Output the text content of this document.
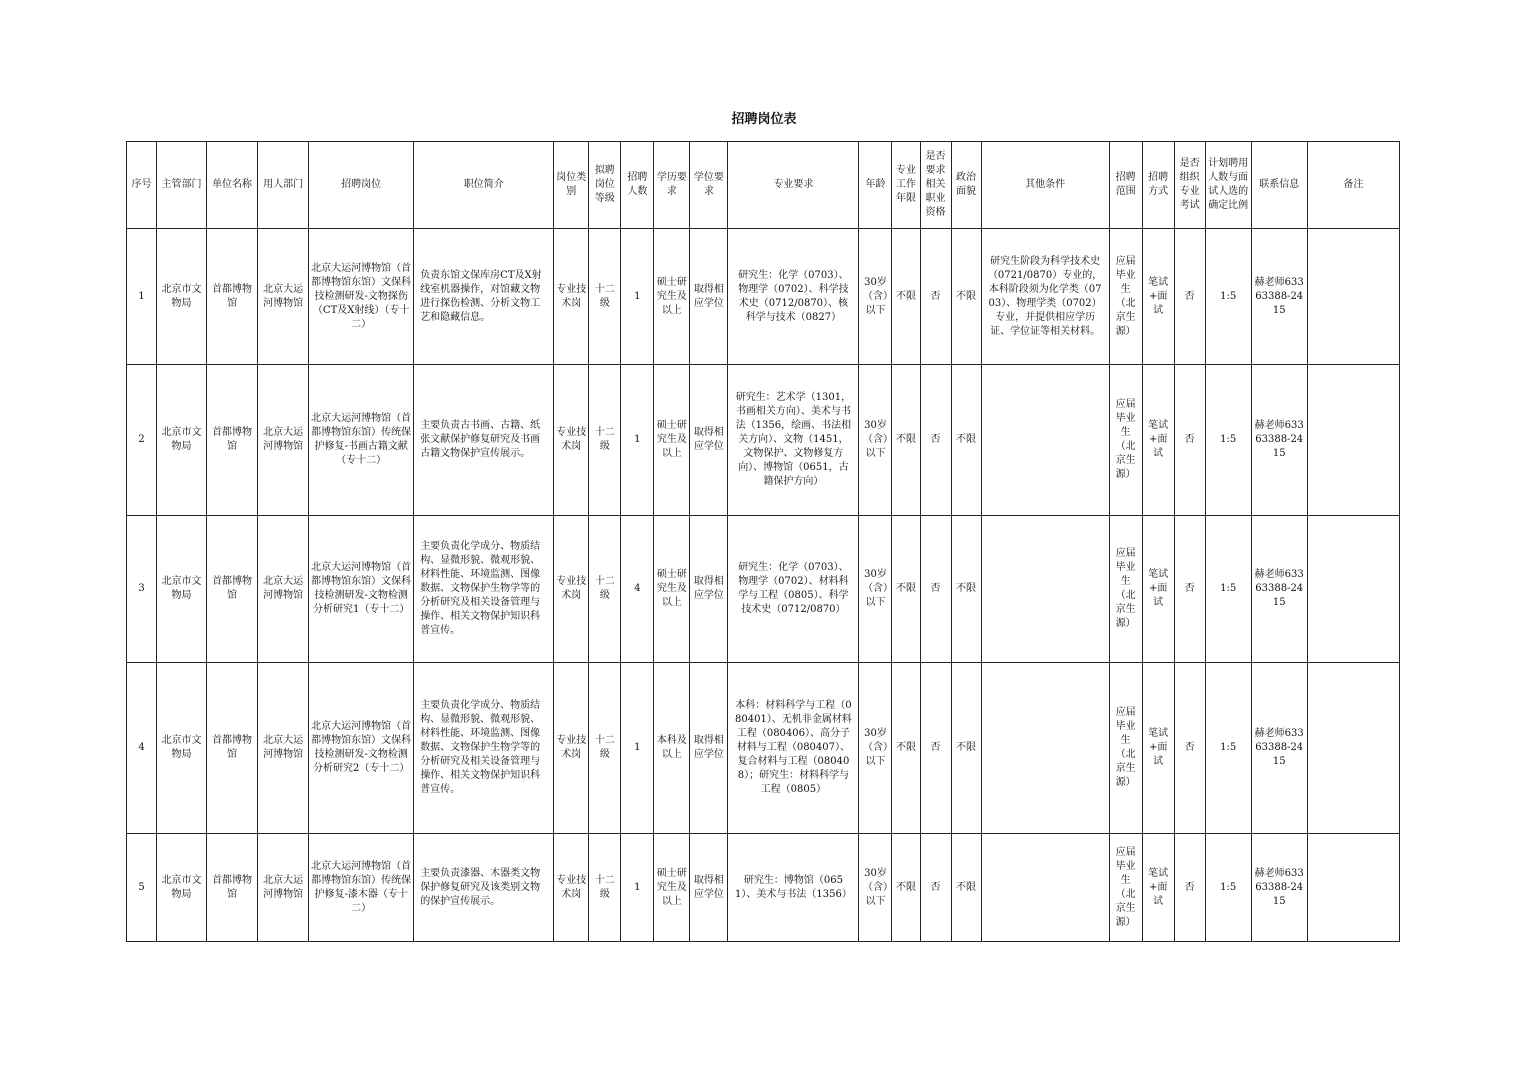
招聘岗位表
序号	主管部门	单位名称	用人部门	招聘岗位	职位简介	岗位类别	拟聘岗位等级	招聘人数	学历要求	学位要求	专业要求	年龄	专业工作年限	是否要求相关职业资格	政治面貌	其他条件	招聘范围	招聘方式	是否组织专业考试	计划聘用人数与面试人选的确定比例	联系信息	备注
1	北京市文物局	首都博物馆	北京大运河博物馆	北京大运河博物馆（首都博物馆东馆）文保科技检测研发-文物探伤（CT及X射线）（专十二）	负责东馆文保库房CT及X射线室机器操作，对馆藏文物进行探伤检测、分析文物工艺和隐藏信息。	专业技术岗	十二级	1	硕士研究生及以上	取得相应学位	研究生：化学（0703）、物理学（0702）、科学技术史（0712/0870）、核科学与技术（0827）	30岁（含）以下	不限	否	不限	研究生阶段为科学技术史（0721/0870）专业的，本科阶段须为化学类（0703）、物理学类（0702）专业，并提供相应学历证、学位证等相关材料。	应届毕业生（北京生源）	笔试+面试	否	1:5	赫老师63363388-2415	
2	北京市文物局	首都博物馆	北京大运河博物馆	北京大运河博物馆（首都博物馆东馆）传统保护修复-书画古籍文献（专十二）	主要负责古书画、古籍、纸张文献保护修复研究及书画古籍文物保护宣传展示。	专业技术岗	十二级	1	硕士研究生及以上	取得相应学位	研究生：艺术学（1301，书画相关方向）、美术与书法（1356，绘画、书法相关方向）、文物（1451，文物保护、文物修复方向）、博物馆（0651，古籍保护方向）	30岁（含）以下	不限	否	不限		应届毕业生（北京生源）	笔试+面试	否	1:5	赫老师63363388-2415	
3	北京市文物局	首都博物馆	北京大运河博物馆	北京大运河博物馆（首都博物馆东馆）文保科技检测研发-文物检测分析研究1（专十二）	主要负责化学成分、物质结构、显微形貌、微观形貌、材料性能、环境监测、图像数据、文物保护生物学等的分析研究及相关设备管理与操作、相关文物保护知识科普宣传。	专业技术岗	十二级	4	硕士研究生及以上	取得相应学位	研究生：化学（0703）、物理学（0702）、材料科学与工程（0805）、科学技术史（0712/0870）	30岁（含）以下	不限	否	不限		应届毕业生（北京生源）	笔试+面试	否	1:5	赫老师63363388-2415	
4	北京市文物局	首都博物馆	北京大运河博物馆	北京大运河博物馆（首都博物馆东馆）文保科技检测研发-文物检测分析研究2（专十二）	主要负责化学成分、物质结构、显微形貌、微观形貌、材料性能、环境监测、图像数据、文物保护生物学等的分析研究及相关设备管理与操作、相关文物保护知识科普宣传。	专业技术岗	十二级	1	本科及以上	取得相应学位	本科：材料科学与工程（080401）、无机非金属材料工程（080406）、高分子材料与工程（080407）、复合材料与工程（080408）；研究生：材料科学与工程（0805）	30岁（含）以下	不限	否	不限		应届毕业生（北京生源）	笔试+面试	否	1:5	赫老师63363388-2415	
5	北京市文物局	首都博物馆	北京大运河博物馆	北京大运河博物馆（首都博物馆东馆）传统保护修复-漆木器（专十二）	主要负责漆器、木器类文物保护修复研究及该类别文物的保护宣传展示。	专业技术岗	十二级	1	硕士研究生及以上	取得相应学位	研究生：博物馆（0651）、美术与书法（1356）	30岁（含）以下	不限	否	不限		应届毕业生（北京生源）	笔试+面试	否	1:5	赫老师63363388-2415	
